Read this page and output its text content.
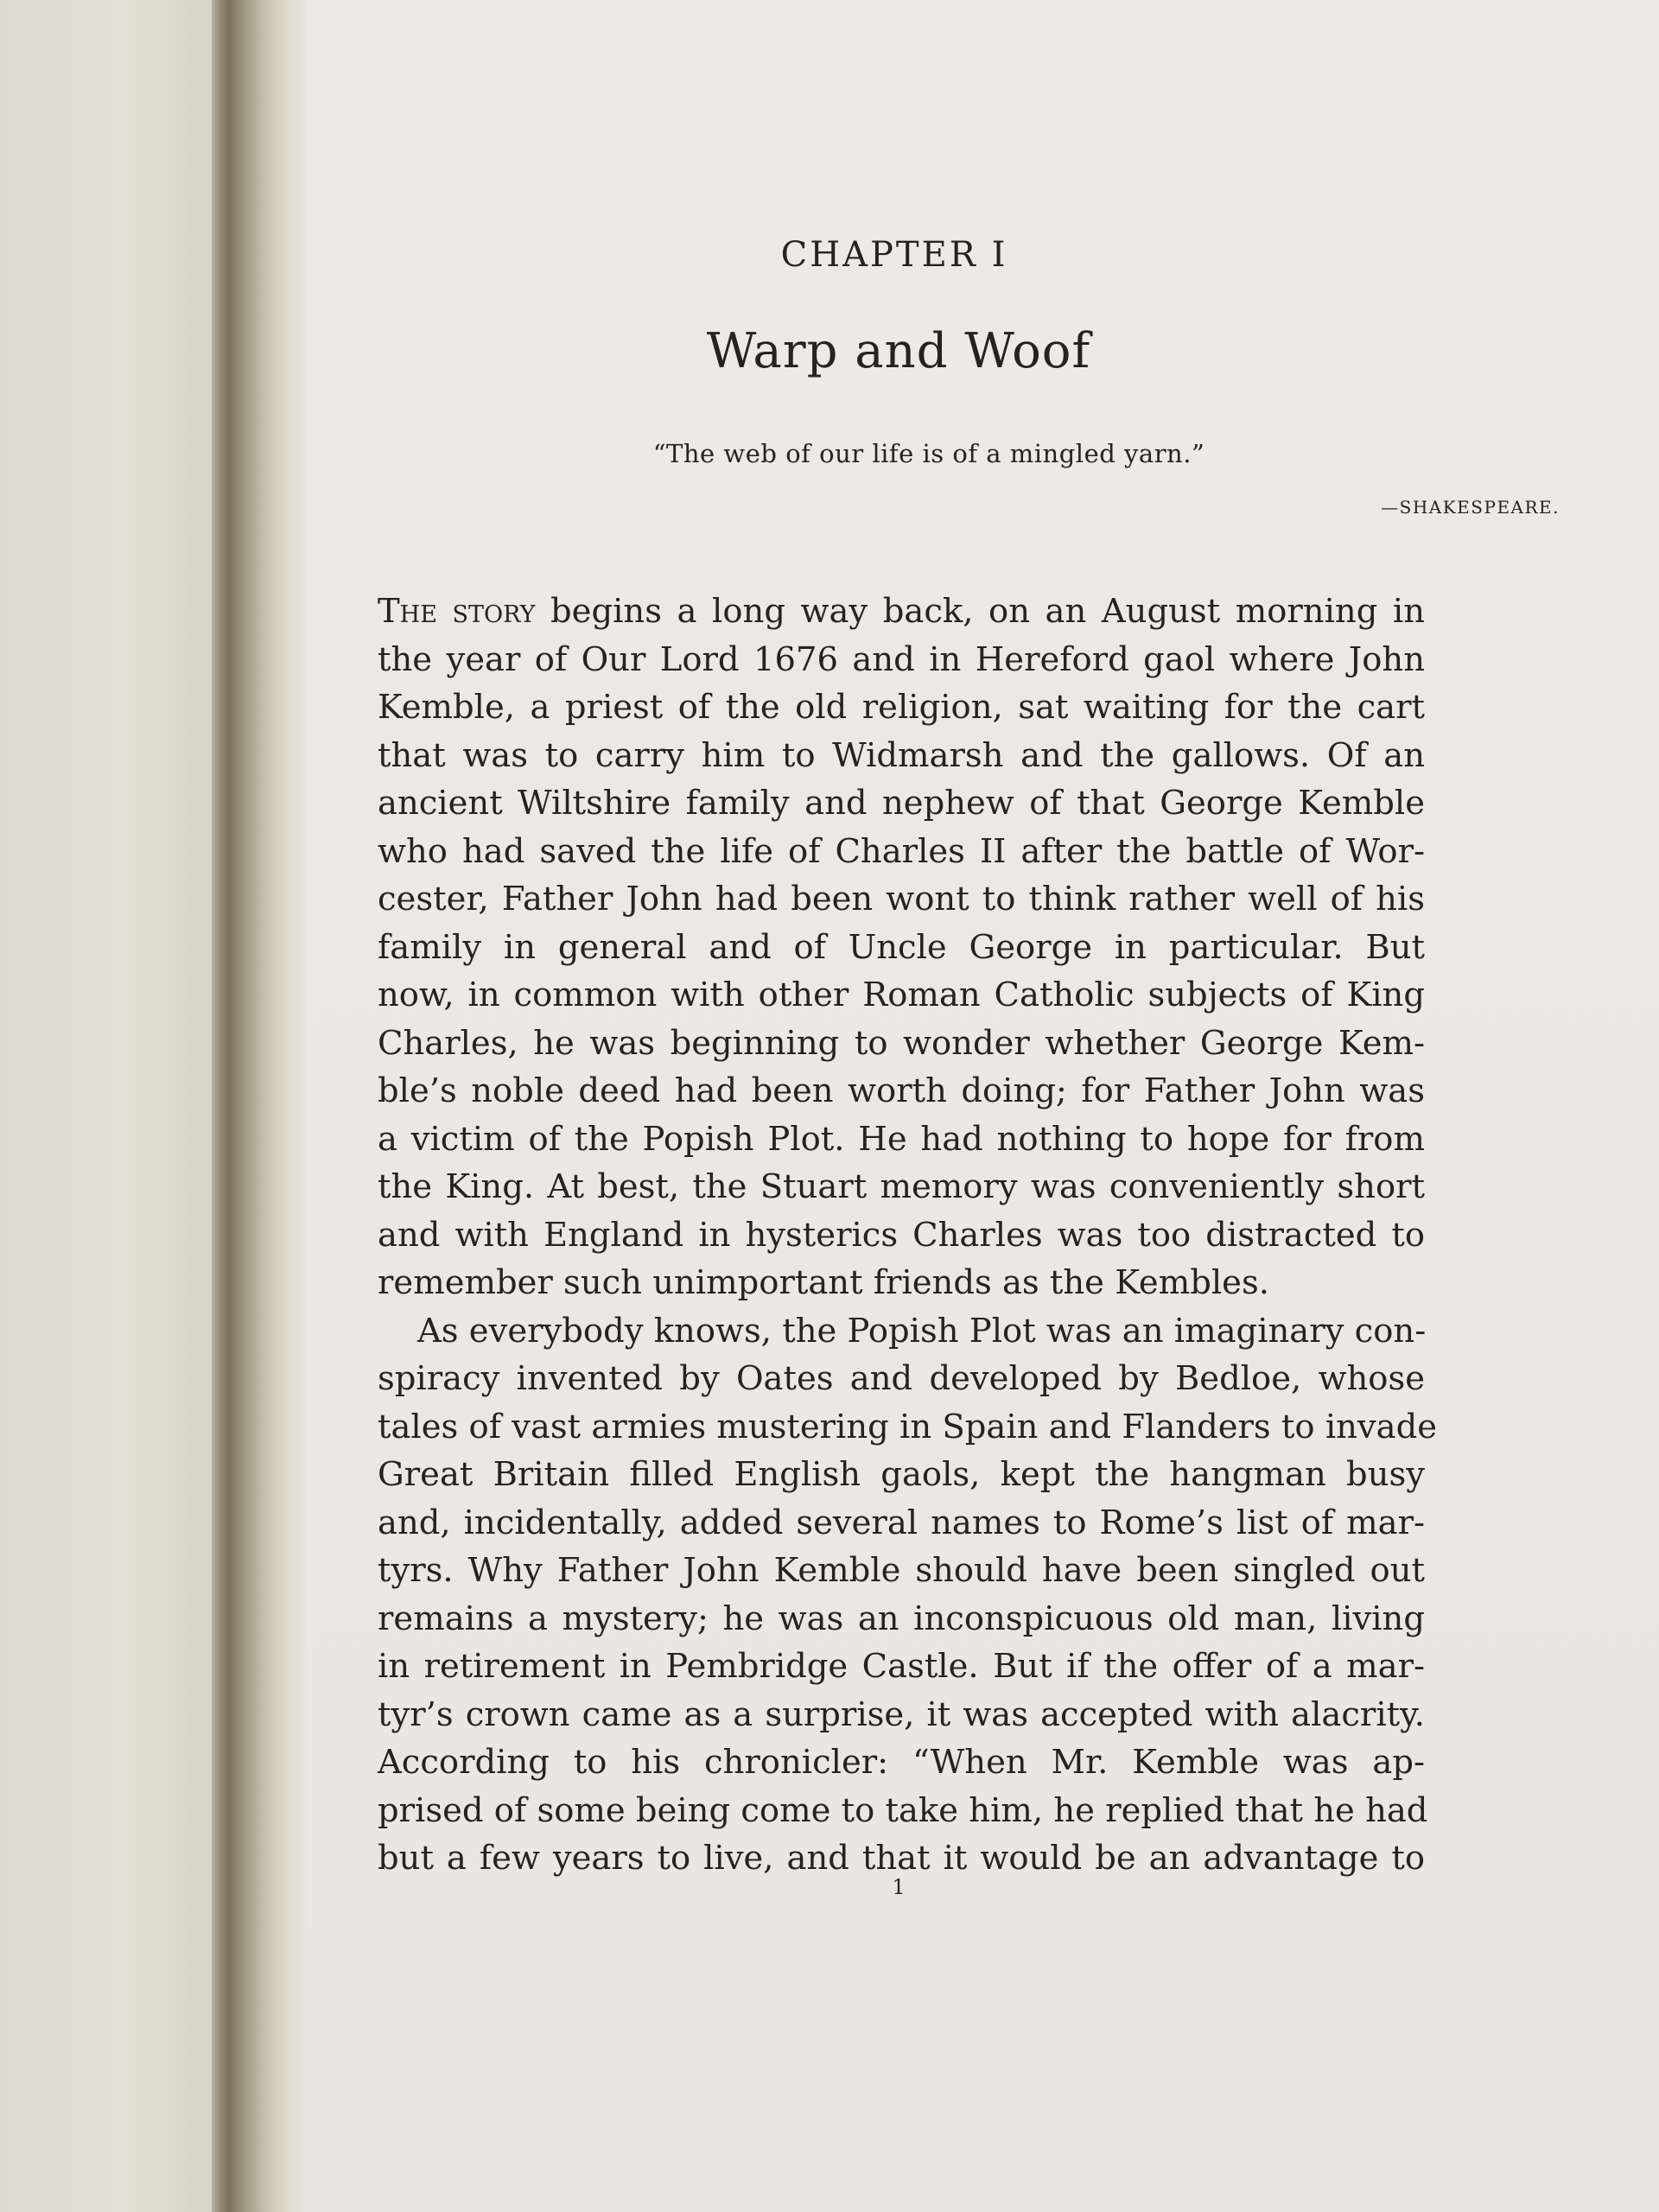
CHAPTER I
Warp and Woof
“The web of our life is of a mingled yarn.”
—SHAKESPEARE.
The story begins a long way back, on an August morning in
the year of Our Lord 1676 and in Hereford gaol where John
Kemble, a priest of the old religion, sat waiting for the cart
that was to carry him to Widmarsh and the gallows. Of an
ancient Wiltshire family and nephew of that George Kemble
who had saved the life of Charles II after the battle of Wor-
cester, Father John had been wont to think rather well of his
family in general and of Uncle George in particular. But
now, in common with other Roman Catholic subjects of King
Charles, he was beginning to wonder whether George Kem-
ble’s noble deed had been worth doing; for Father John was
a victim of the Popish Plot. He had nothing to hope for from
the King. At best, the Stuart memory was conveniently short
and with England in hysterics Charles was too distracted to
remember such unimportant friends as the Kembles.
As everybody knows, the Popish Plot was an imaginary con-
spiracy invented by Oates and developed by Bedloe, whose
tales of vast armies mustering in Spain and Flanders to invade
Great Britain filled English gaols, kept the hangman busy
and, incidentally, added several names to Rome’s list of mar-
tyrs. Why Father John Kemble should have been singled out
remains a mystery; he was an inconspicuous old man, living
in retirement in Pembridge Castle. But if the offer of a mar-
tyr’s crown came as a surprise, it was accepted with alacrity.
According to his chronicler: “When Mr. Kemble was ap-
prised of some being come to take him, he replied that he had
but a few years to live, and that it would be an advantage to
1
